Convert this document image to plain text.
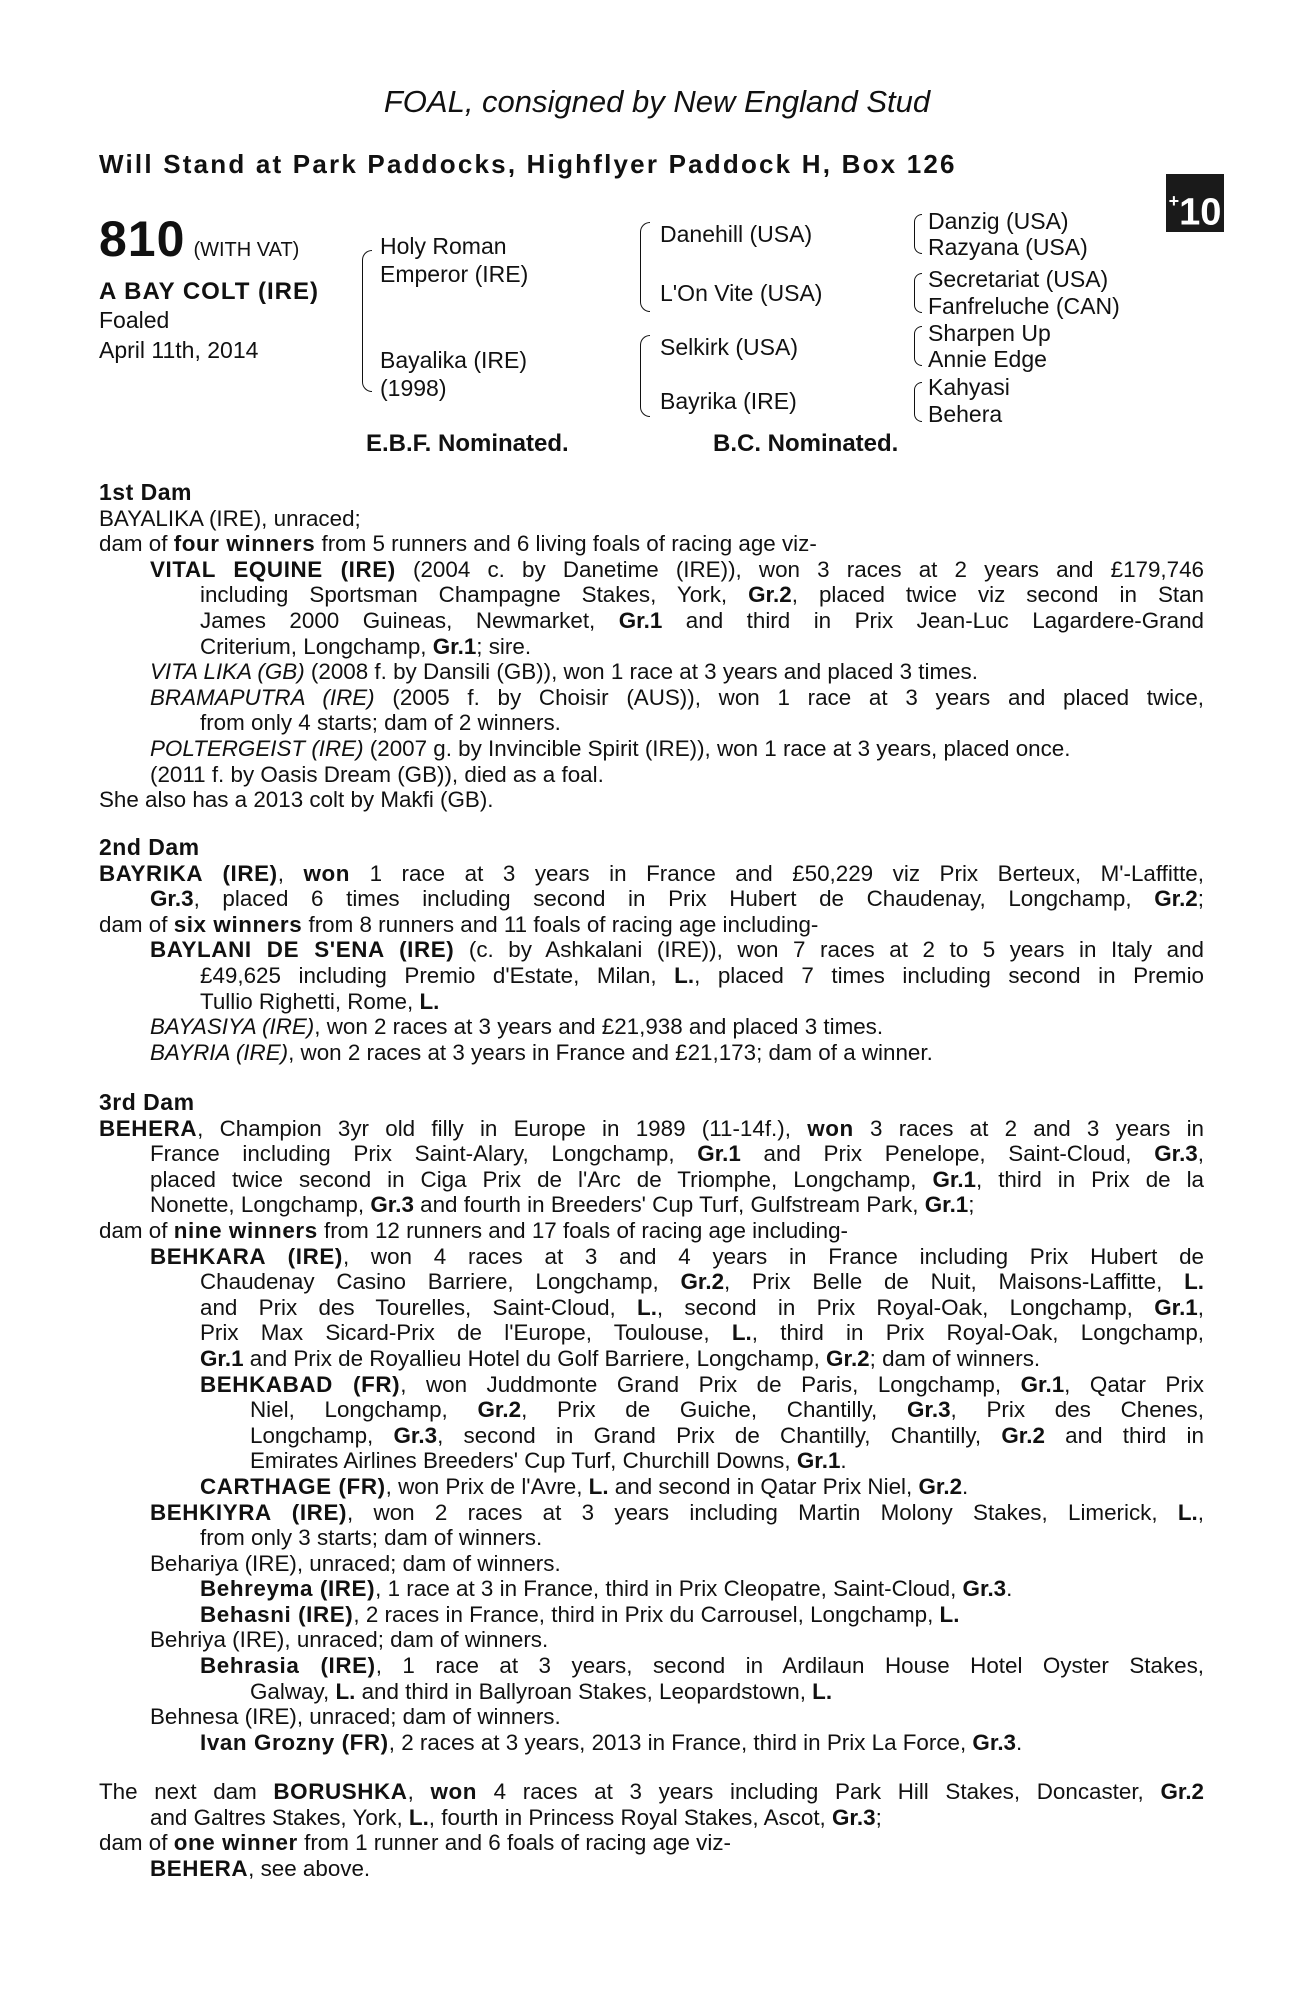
FOAL, consigned by New England Stud
Will Stand at Park Paddocks, Highflyer Paddock H, Box 126
+10
810 (WITH VAT)
A BAY COLT (IRE)
Foaled
April 11th, 2014
Holy Roman
Emperor (IRE)
Bayalika (IRE)
(1998)
Danehill (USA)
L'On Vite (USA)
Selkirk (USA)
Bayrika (IRE)
Danzig (USA)
Razyana (USA)
Secretariat (USA)
Fanfreluche (CAN)
Sharpen Up
Annie Edge
Kahyasi
Behera
E.B.F. Nominated.	B.C. Nominated.
1st Dam
BAYALIKA (IRE), unraced;
dam of four winners from 5 runners and 6 living foals of racing age viz-
VITAL EQUINE (IRE) (2004 c. by Danetime (IRE)), won 3 races at 2 years and £179,746
including Sportsman Champagne Stakes, York, Gr.2, placed twice viz second in Stan
James 2000 Guineas, Newmarket, Gr.1 and third in Prix Jean-Luc Lagardere-Grand
Criterium, Longchamp, Gr.1; sire.
VITA LIKA (GB) (2008 f. by Dansili (GB)), won 1 race at 3 years and placed 3 times.
BRAMAPUTRA (IRE) (2005 f. by Choisir (AUS)), won 1 race at 3 years and placed twice,
from only 4 starts; dam of 2 winners.
POLTERGEIST (IRE) (2007 g. by Invincible Spirit (IRE)), won 1 race at 3 years, placed once.
(2011 f. by Oasis Dream (GB)), died as a foal.
She also has a 2013 colt by Makfi (GB).
2nd Dam
BAYRIKA (IRE), won 1 race at 3 years in France and £50,229 viz Prix Berteux, M'-Laffitte,
Gr.3, placed 6 times including second in Prix Hubert de Chaudenay, Longchamp, Gr.2;
dam of six winners from 8 runners and 11 foals of racing age including-
BAYLANI DE S'ENA (IRE) (c. by Ashkalani (IRE)), won 7 races at 2 to 5 years in Italy and
£49,625 including Premio d'Estate, Milan, L., placed 7 times including second in Premio
Tullio Righetti, Rome, L.
BAYASIYA (IRE), won 2 races at 3 years and £21,938 and placed 3 times.
BAYRIA (IRE), won 2 races at 3 years in France and £21,173; dam of a winner.
3rd Dam
BEHERA, Champion 3yr old filly in Europe in 1989 (11-14f.), won 3 races at 2 and 3 years in
France including Prix Saint-Alary, Longchamp, Gr.1 and Prix Penelope, Saint-Cloud, Gr.3,
placed twice second in Ciga Prix de l'Arc de Triomphe, Longchamp, Gr.1, third in Prix de la
Nonette, Longchamp, Gr.3 and fourth in Breeders' Cup Turf, Gulfstream Park, Gr.1;
dam of nine winners from 12 runners and 17 foals of racing age including-
BEHKARA (IRE), won 4 races at 3 and 4 years in France including Prix Hubert de
Chaudenay Casino Barriere, Longchamp, Gr.2, Prix Belle de Nuit, Maisons-Laffitte, L.
and Prix des Tourelles, Saint-Cloud, L., second in Prix Royal-Oak, Longchamp, Gr.1,
Prix Max Sicard-Prix de l'Europe, Toulouse, L., third in Prix Royal-Oak, Longchamp,
Gr.1 and Prix de Royallieu Hotel du Golf Barriere, Longchamp, Gr.2; dam of winners.
BEHKABAD (FR), won Juddmonte Grand Prix de Paris, Longchamp, Gr.1, Qatar Prix
Niel, Longchamp, Gr.2, Prix de Guiche, Chantilly, Gr.3, Prix des Chenes,
Longchamp, Gr.3, second in Grand Prix de Chantilly, Chantilly, Gr.2 and third in
Emirates Airlines Breeders' Cup Turf, Churchill Downs, Gr.1.
CARTHAGE (FR), won Prix de l'Avre, L. and second in Qatar Prix Niel, Gr.2.
BEHKIYRA (IRE), won 2 races at 3 years including Martin Molony Stakes, Limerick, L.,
from only 3 starts; dam of winners.
Behariya (IRE), unraced; dam of winners.
Behreyma (IRE), 1 race at 3 in France, third in Prix Cleopatre, Saint-Cloud, Gr.3.
Behasni (IRE), 2 races in France, third in Prix du Carrousel, Longchamp, L.
Behriya (IRE), unraced; dam of winners.
Behrasia (IRE), 1 race at 3 years, second in Ardilaun House Hotel Oyster Stakes,
Galway, L. and third in Ballyroan Stakes, Leopardstown, L.
Behnesa (IRE), unraced; dam of winners.
Ivan Grozny (FR), 2 races at 3 years, 2013 in France, third in Prix La Force, Gr.3.
The next dam BORUSHKA, won 4 races at 3 years including Park Hill Stakes, Doncaster, Gr.2
and Galtres Stakes, York, L., fourth in Princess Royal Stakes, Ascot, Gr.3;
dam of one winner from 1 runner and 6 foals of racing age viz-
BEHERA, see above.
